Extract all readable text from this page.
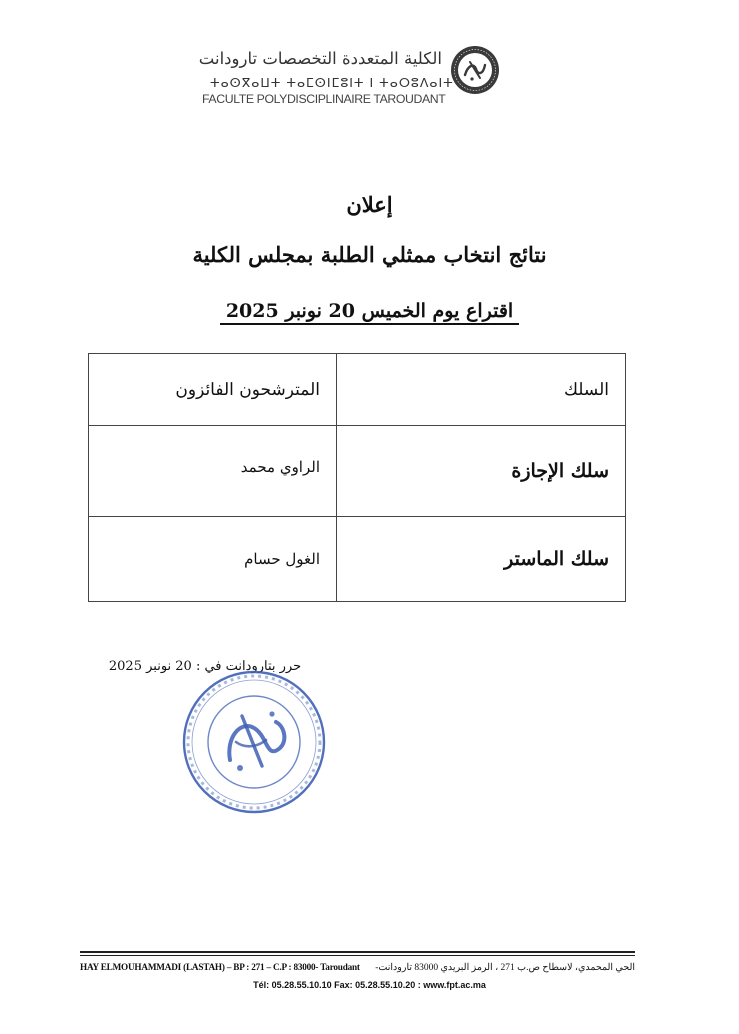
الكلية المتعددة التخصصات تارودانت
ⵜⴰⵙⴳⴰⵡⵜ ⵜⴰⵎⵙⵏⵎⵓⵏⵜ ⵏ ⵜⴰⵔⵓⴷⴰⵏⵜ
FACULTE POLYDISCIPLINAIRE TAROUDANT
إعلان
نتائج انتخاب ممثلي الطلبة بمجلس الكلية
اقتراع يوم الخميس 20 نونبر 2025
السلك	المترشحون الفائزون
سلك الإجازة	الراوي محمد
سلك الماستر	الغول حسام
حرر بتارودانت في : 20 نونبر 2025
HAY ELMOUHAMMADI (LASTAH) – BP : 271 – C.P : 83000- Taroudant الحي المحمدي، لاسطاح ص.ب 271 ، الرمز البريدي 83000 تارودانت-
Tél: 05.28.55.10.10 Fax: 05.28.55.10.20 : www.fpt.ac.ma
